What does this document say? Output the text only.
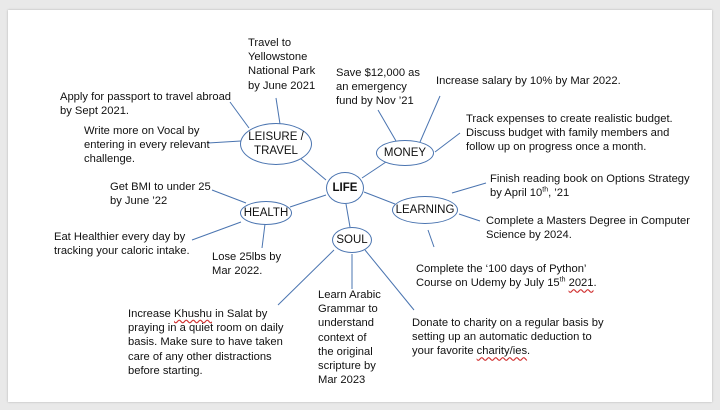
LIFE
LEISURE /
TRAVEL	MONEY
HEALTH	LEARNING
SOUL
Travel to
Yellowstone
National Park
by June 2021
Apply for passport to travel abroad
by Sept 2021.
Write more on Vocal by
entering in every relevant
challenge.
Save $12,000 as
an emergency
fund by Nov ’21
Increase salary by 10% by Mar 2022.
Track expenses to create realistic budget.
Discuss budget with family members and
follow up on progress once a month.
Get BMI to under 25
by June ’22
Eat Healthier every day by
tracking your caloric intake. Lose 25lbs by
Mar 2022.
Finish reading book on Options Strategy
by April 10th, ’21
Complete a Masters Degree in Computer
Science by 2024.
Complete the ‘100 days of Python’
Course on Udemy by July 15th 2021.
Increase Khushu in Salat by
praying in a quiet room on daily
basis. Make sure to have taken
care of any other distractions
before starting.
Learn Arabic
Grammar to
understand
context of
the original
scripture by
Mar 2023
Donate to charity on a regular basis by
setting up an automatic deduction to
your favorite charity/ies.
